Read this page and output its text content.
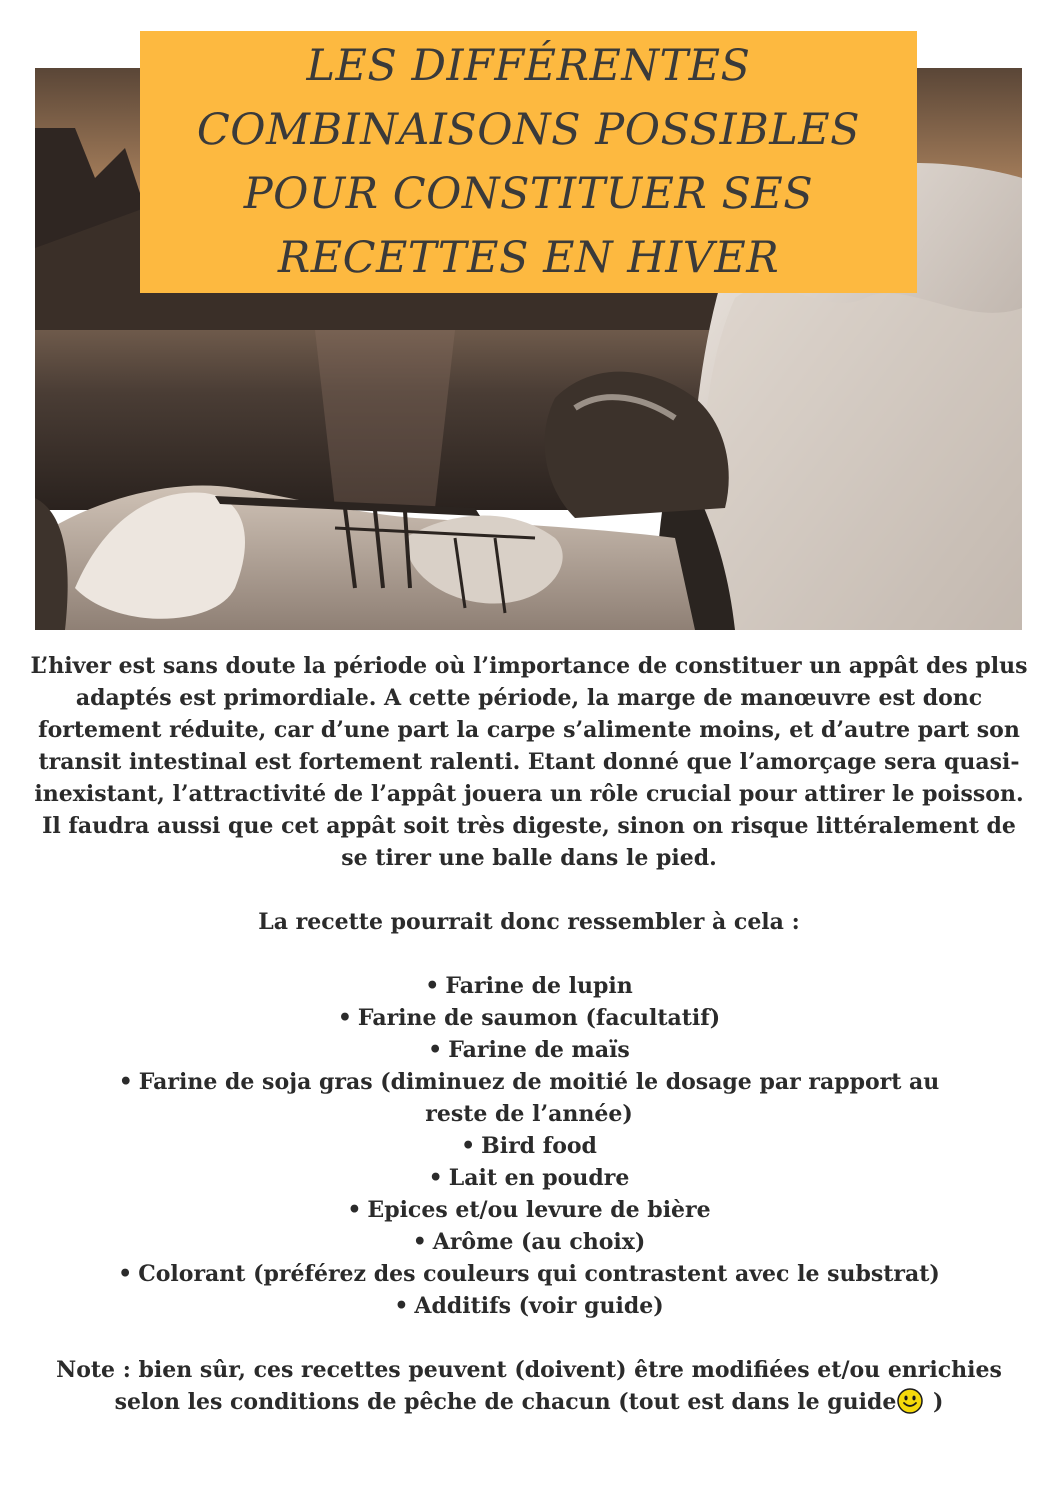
LES DIFFÉRENTES
COMBINAISONS POSSIBLES
POUR CONSTITUER SES
RECETTES EN HIVER

L’hiver est sans doute la période où l’importance de constituer un appât des plus adaptés est primordiale. A cette période, la marge de manœuvre est donc fortement réduite, car d’une part la carpe s’alimente moins, et d’autre part son transit intestinal est fortement ralenti. Etant donné que l’amorçage sera quasi-inexistant, l’attractivité de l’appât jouera un rôle crucial pour attirer le poisson. Il faudra aussi que cet appât soit très digeste, sinon on risque littéralement de se tirer une balle dans le pied.

La recette pourrait donc ressembler à cela :

• Farine de lupin
• Farine de saumon (facultatif)
• Farine de maïs
• Farine de soja gras (diminuez de moitié le dosage par rapport au reste de l’année)
• Bird food
• Lait en poudre
• Epices et/ou levure de bière
• Arôme (au choix)
• Colorant (préférez des couleurs qui contrastent avec le substrat)
• Additifs (voir guide)

Note : bien sûr, ces recettes peuvent (doivent) être modifiées et/ou enrichies selon les conditions de pêche de chacun (tout est dans le guide
)
